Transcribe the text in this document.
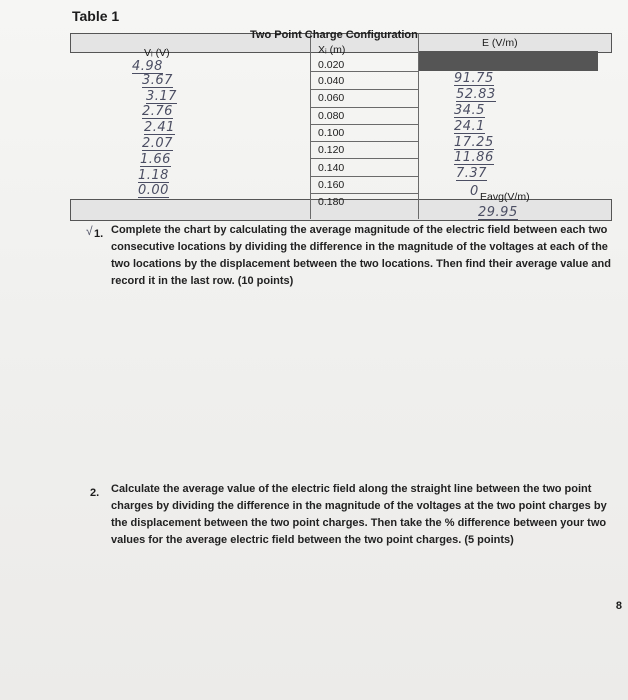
Table 1
Two Point Charge Configuration
E (V/m)
Vᵢ (V)	Xᵢ (m)
0.020
0.040
0.060
0.080
0.100
0.120
0.140
0.160
0.180
4.98
3.67
3.17
2.76
2.41
2.07
1.66
1.18
0.00
91.75
52.83
34.5
24.1
17.25
11.86
7.37
0 Eavg(V/m)
29.95
√ 1. Complete the chart by calculating the average magnitude of the electric field between each two consecutive locations by dividing the difference in the magnitude of the voltages at each of the two locations by the displacement between the two locations. Then find their average value and record it in the last row. (10 points)
2. Calculate the average value of the electric field along the straight line between the two point charges by dividing the difference in the magnitude of the voltages at the two point charges by the displacement between the two point charges. Then take the % difference between your two values for the average electric field between the two point charges. (5 points)
8
